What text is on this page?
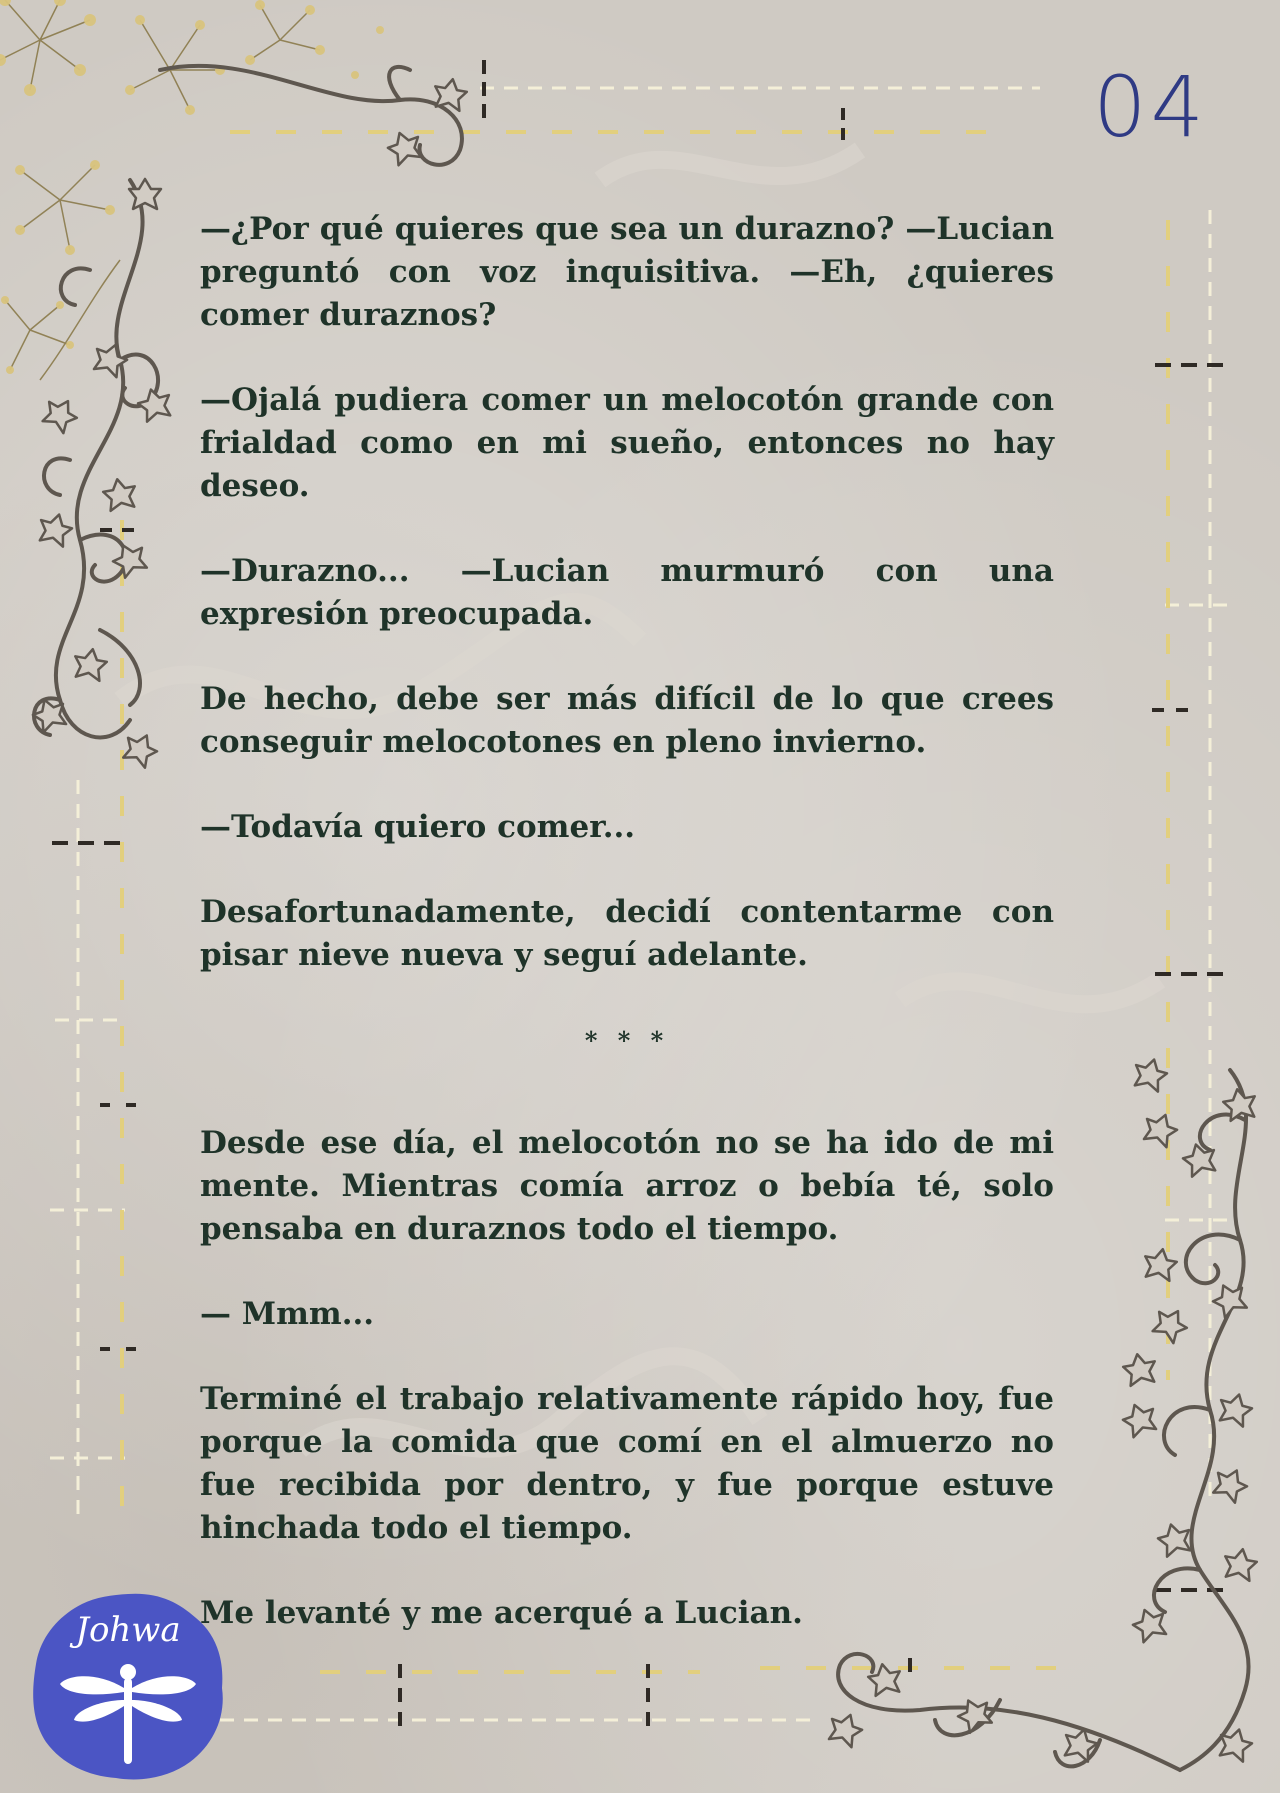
04

—¿Por qué quieres que sea un durazno? —Lucian preguntó con voz inquisitiva. —Eh, ¿quieres comer duraznos?

—Ojalá pudiera comer un melocotón grande con frialdad como en mi sueño, entonces no hay deseo.

—Durazno... —Lucian murmuró con una expresión preocupada.

De hecho, debe ser más difícil de lo que crees conseguir melocotones en pleno invierno.

—Todavía quiero comer...

Desafortunadamente, decidí contentarme con pisar nieve nueva y seguí adelante.

* * *

Desde ese día, el melocotón no se ha ido de mi mente. Mientras comía arroz o bebía té, solo pensaba en duraznos todo el tiempo.

— Mmm...

Terminé el trabajo relativamente rápido hoy, fue porque la comida que comí en el almuerzo no fue recibida por dentro, y fue porque estuve hinchada todo el tiempo.

Me levanté y me acerqué a Lucian.

Johwa
